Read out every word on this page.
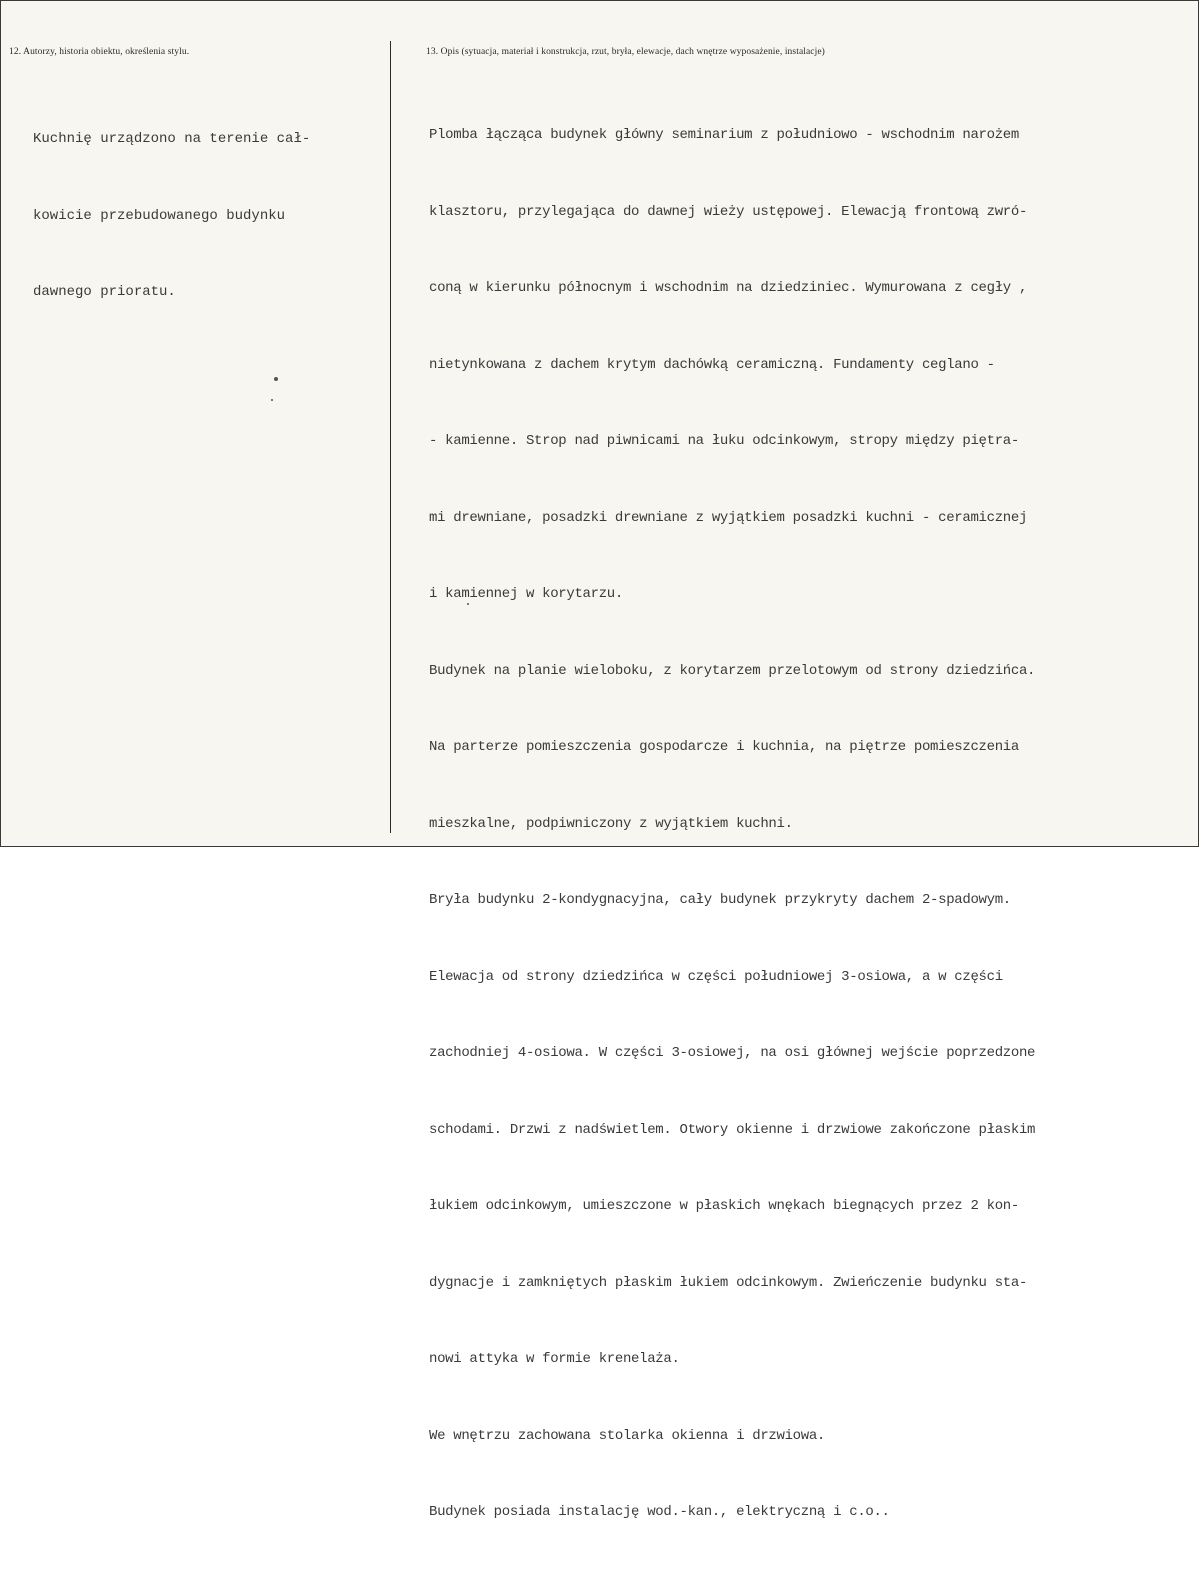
12. Autorzy, historia obiektu, określenia stylu.	13. Opis (sytuacja, materiał i konstrukcja, rzut, bryła, elewacje, dach wnętrze wyposażenie, instalacje)

Kuchnię urządzono na terenie cał-

kowicie przebudowanego budynku

dawnego prioratu.

Plomba łącząca budynek główny seminarium z południowo - wschodnim narożem

klasztoru, przylegająca do dawnej wieży ustępowej. Elewacją frontową zwró-

coną w kierunku północnym i wschodnim na dziedziniec. Wymurowana z cegły ,

nietynkowana z dachem krytym dachówką ceramiczną. Fundamenty ceglano -

- kamienne. Strop nad piwnicami na łuku odcinkowym, stropy między piętra-

mi drewniane, posadzki drewniane z wyjątkiem posadzki kuchni - ceramicznej

i kamiennej w korytarzu.

Budynek na planie wieloboku, z korytarzem przelotowym od strony dziedzińca.

Na parterze pomieszczenia gospodarcze i kuchnia, na piętrze pomieszczenia

mieszkalne, podpiwniczony z wyjątkiem kuchni.

Bryła budynku 2-kondygnacyjna, cały budynek przykryty dachem 2-spadowym.

Elewacja od strony dziedzińca w części południowej 3-osiowa, a w części

zachodniej 4-osiowa. W części 3-osiowej, na osi głównej wejście poprzedzone

schodami. Drzwi z nadświetlem. Otwory okienne i drzwiowe zakończone płaskim

łukiem odcinkowym, umieszczone w płaskich wnękach biegnących przez 2 kon-

dygnacje i zamkniętych płaskim łukiem odcinkowym. Zwieńczenie budynku sta-

nowi attyka w formie krenelaża.

We wnętrzu zachowana stolarka okienna i drzwiowa.

Budynek posiada instalację wod.-kan., elektryczną i c.o..
